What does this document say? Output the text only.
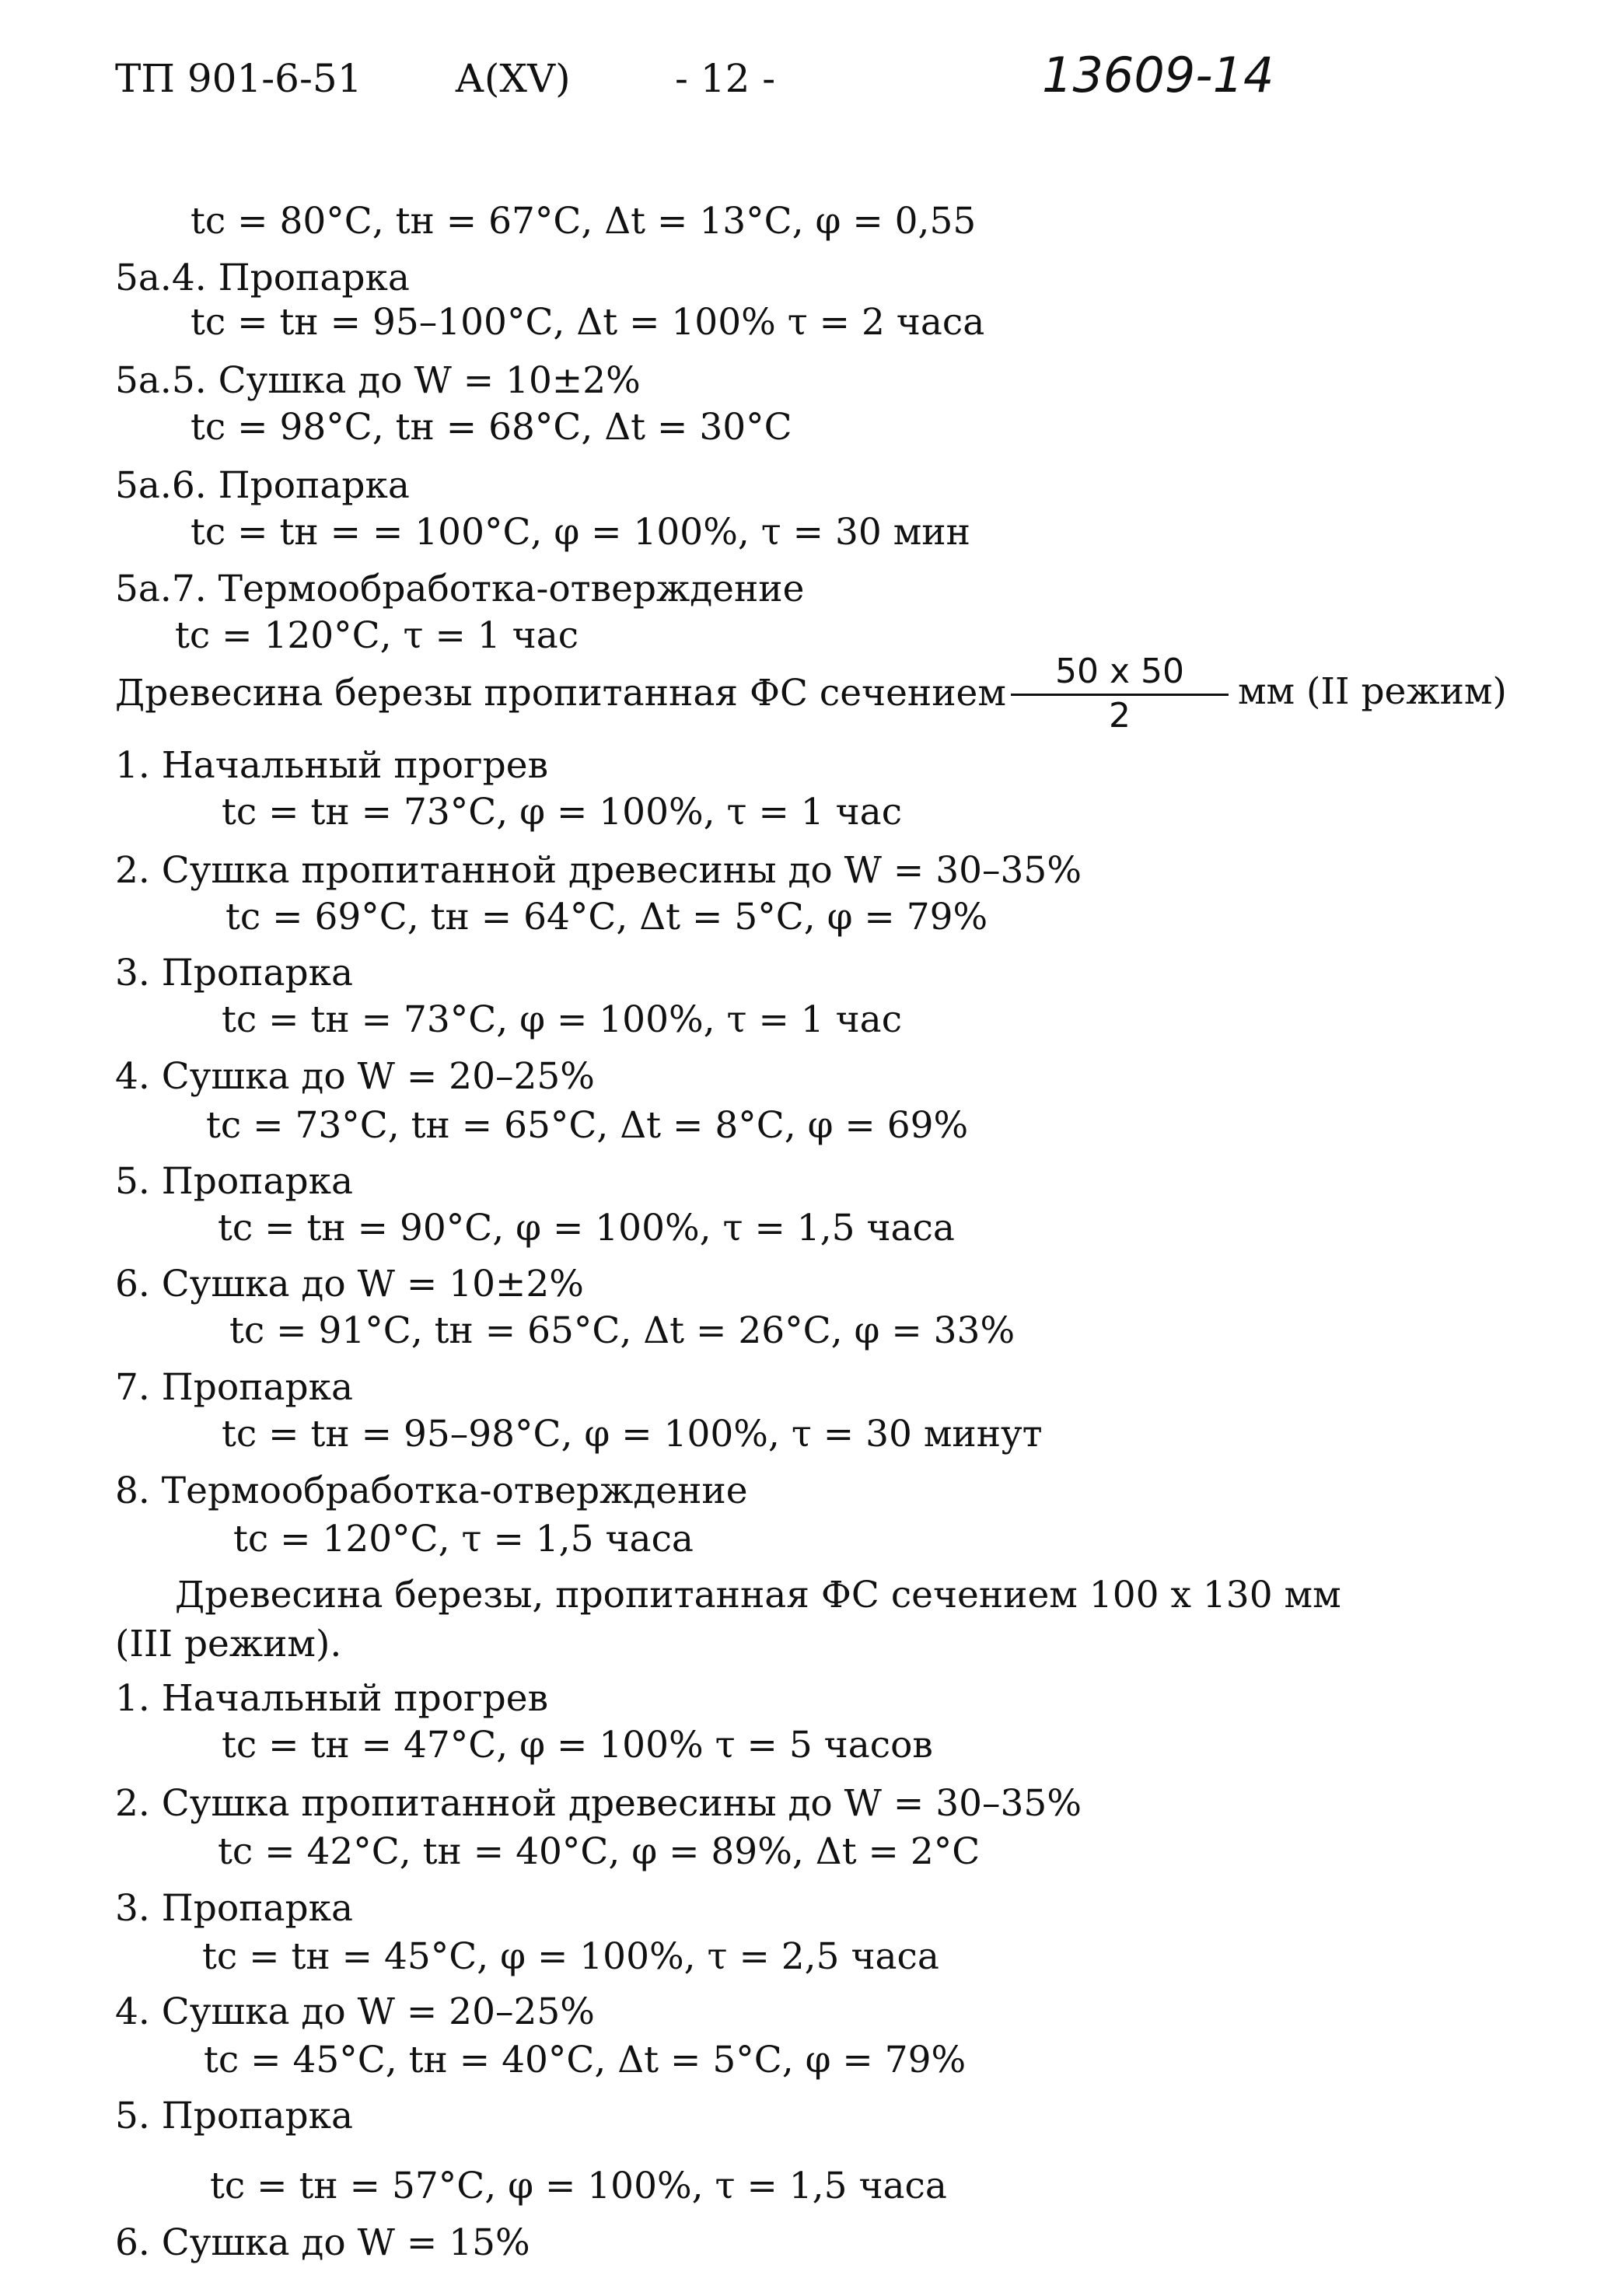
ТП 901-6-51 А(XV)	- 12 -	13609-14
tс = 80°С, tн = 67°С, Δt = 13°С, φ = 0,55
5а.4. Пропарка
tс = tн = 95–100°С, Δt = 100% τ = 2 часа
5а.5. Сушка до W = 10±2%
tс = 98°С, tн = 68°С, Δt = 30°С
5а.6. Пропарка
tс = tн = = 100°С, φ = 100%, τ = 30 мин
5а.7. Термообработка-отверждение
tс = 120°С, τ = 1 час
Древесина березы пропитанная ФС сечением
1. Начальный прогрев
tс = tн = 73°С, φ = 100%, τ = 1 час
2. Сушка пропитанной древесины до W = 30–35%
tс = 69°С, tн = 64°С, Δt = 5°С, φ = 79%
3. Пропарка
tс = tн = 73°С, φ = 100%, τ = 1 час
4. Сушка до W = 20–25%
tс = 73°С, tн = 65°С, Δt = 8°С, φ = 69%
5. Пропарка
tс = tн = 90°С, φ = 100%, τ = 1,5 часа
6. Сушка до W = 10±2%
tс = 91°С, tн = 65°С, Δt = 26°С, φ = 33%
7. Пропарка
tс = tн = 95–98°С, φ = 100%, τ = 30 минут
8. Термообработка-отверждение
tс = 120°С, τ = 1,5 часа
Древесина березы, пропитанная ФС сечением 100 х 130 мм
(III режим).
1. Начальный прогрев
tс = tн = 47°С, φ = 100% τ = 5 часов
2. Сушка пропитанной древесины до W = 30–35%
tс = 42°С, tн = 40°С, φ = 89%, Δt = 2°С
3. Пропарка
tс = tн = 45°С, φ = 100%, τ = 2,5 часа
4. Сушка до W = 20–25%
tс = 45°С, tн = 40°С, Δt = 5°С, φ = 79%
5. Пропарка
tс = tн = 57°С, φ = 100%, τ = 1,5 часа
6. Сушка до W = 15%
50 х 50
2
мм (II режим)
